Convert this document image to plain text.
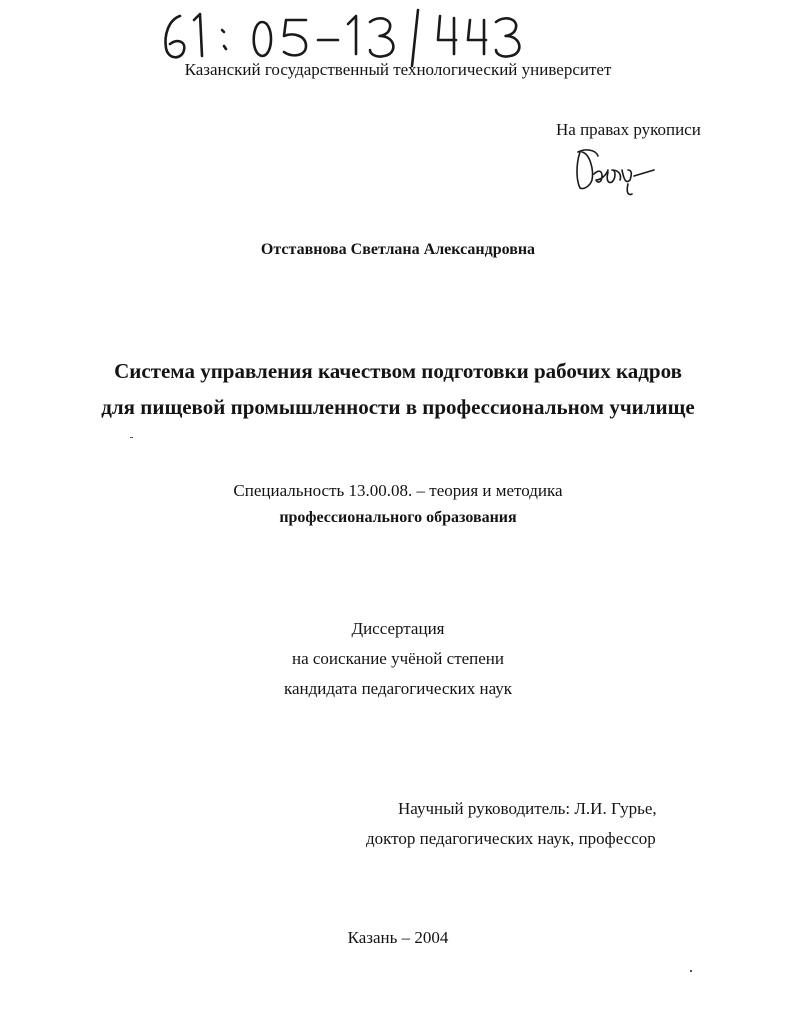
Казанский государственный технологический университет
На правах рукописи
Отставнова Светлана Александровна
Система управления качеством подготовки рабочих кадров
для пищевой промышленности в профессиональном училище
Специальность 13.00.08. – теория и методика
профессионального образования
Диссертация
на соискание учёной степени
кандидата педагогических наук
Научный руководитель: Л.И. Гурье,
доктор педагогических наук, профессор
Казань – 2004
